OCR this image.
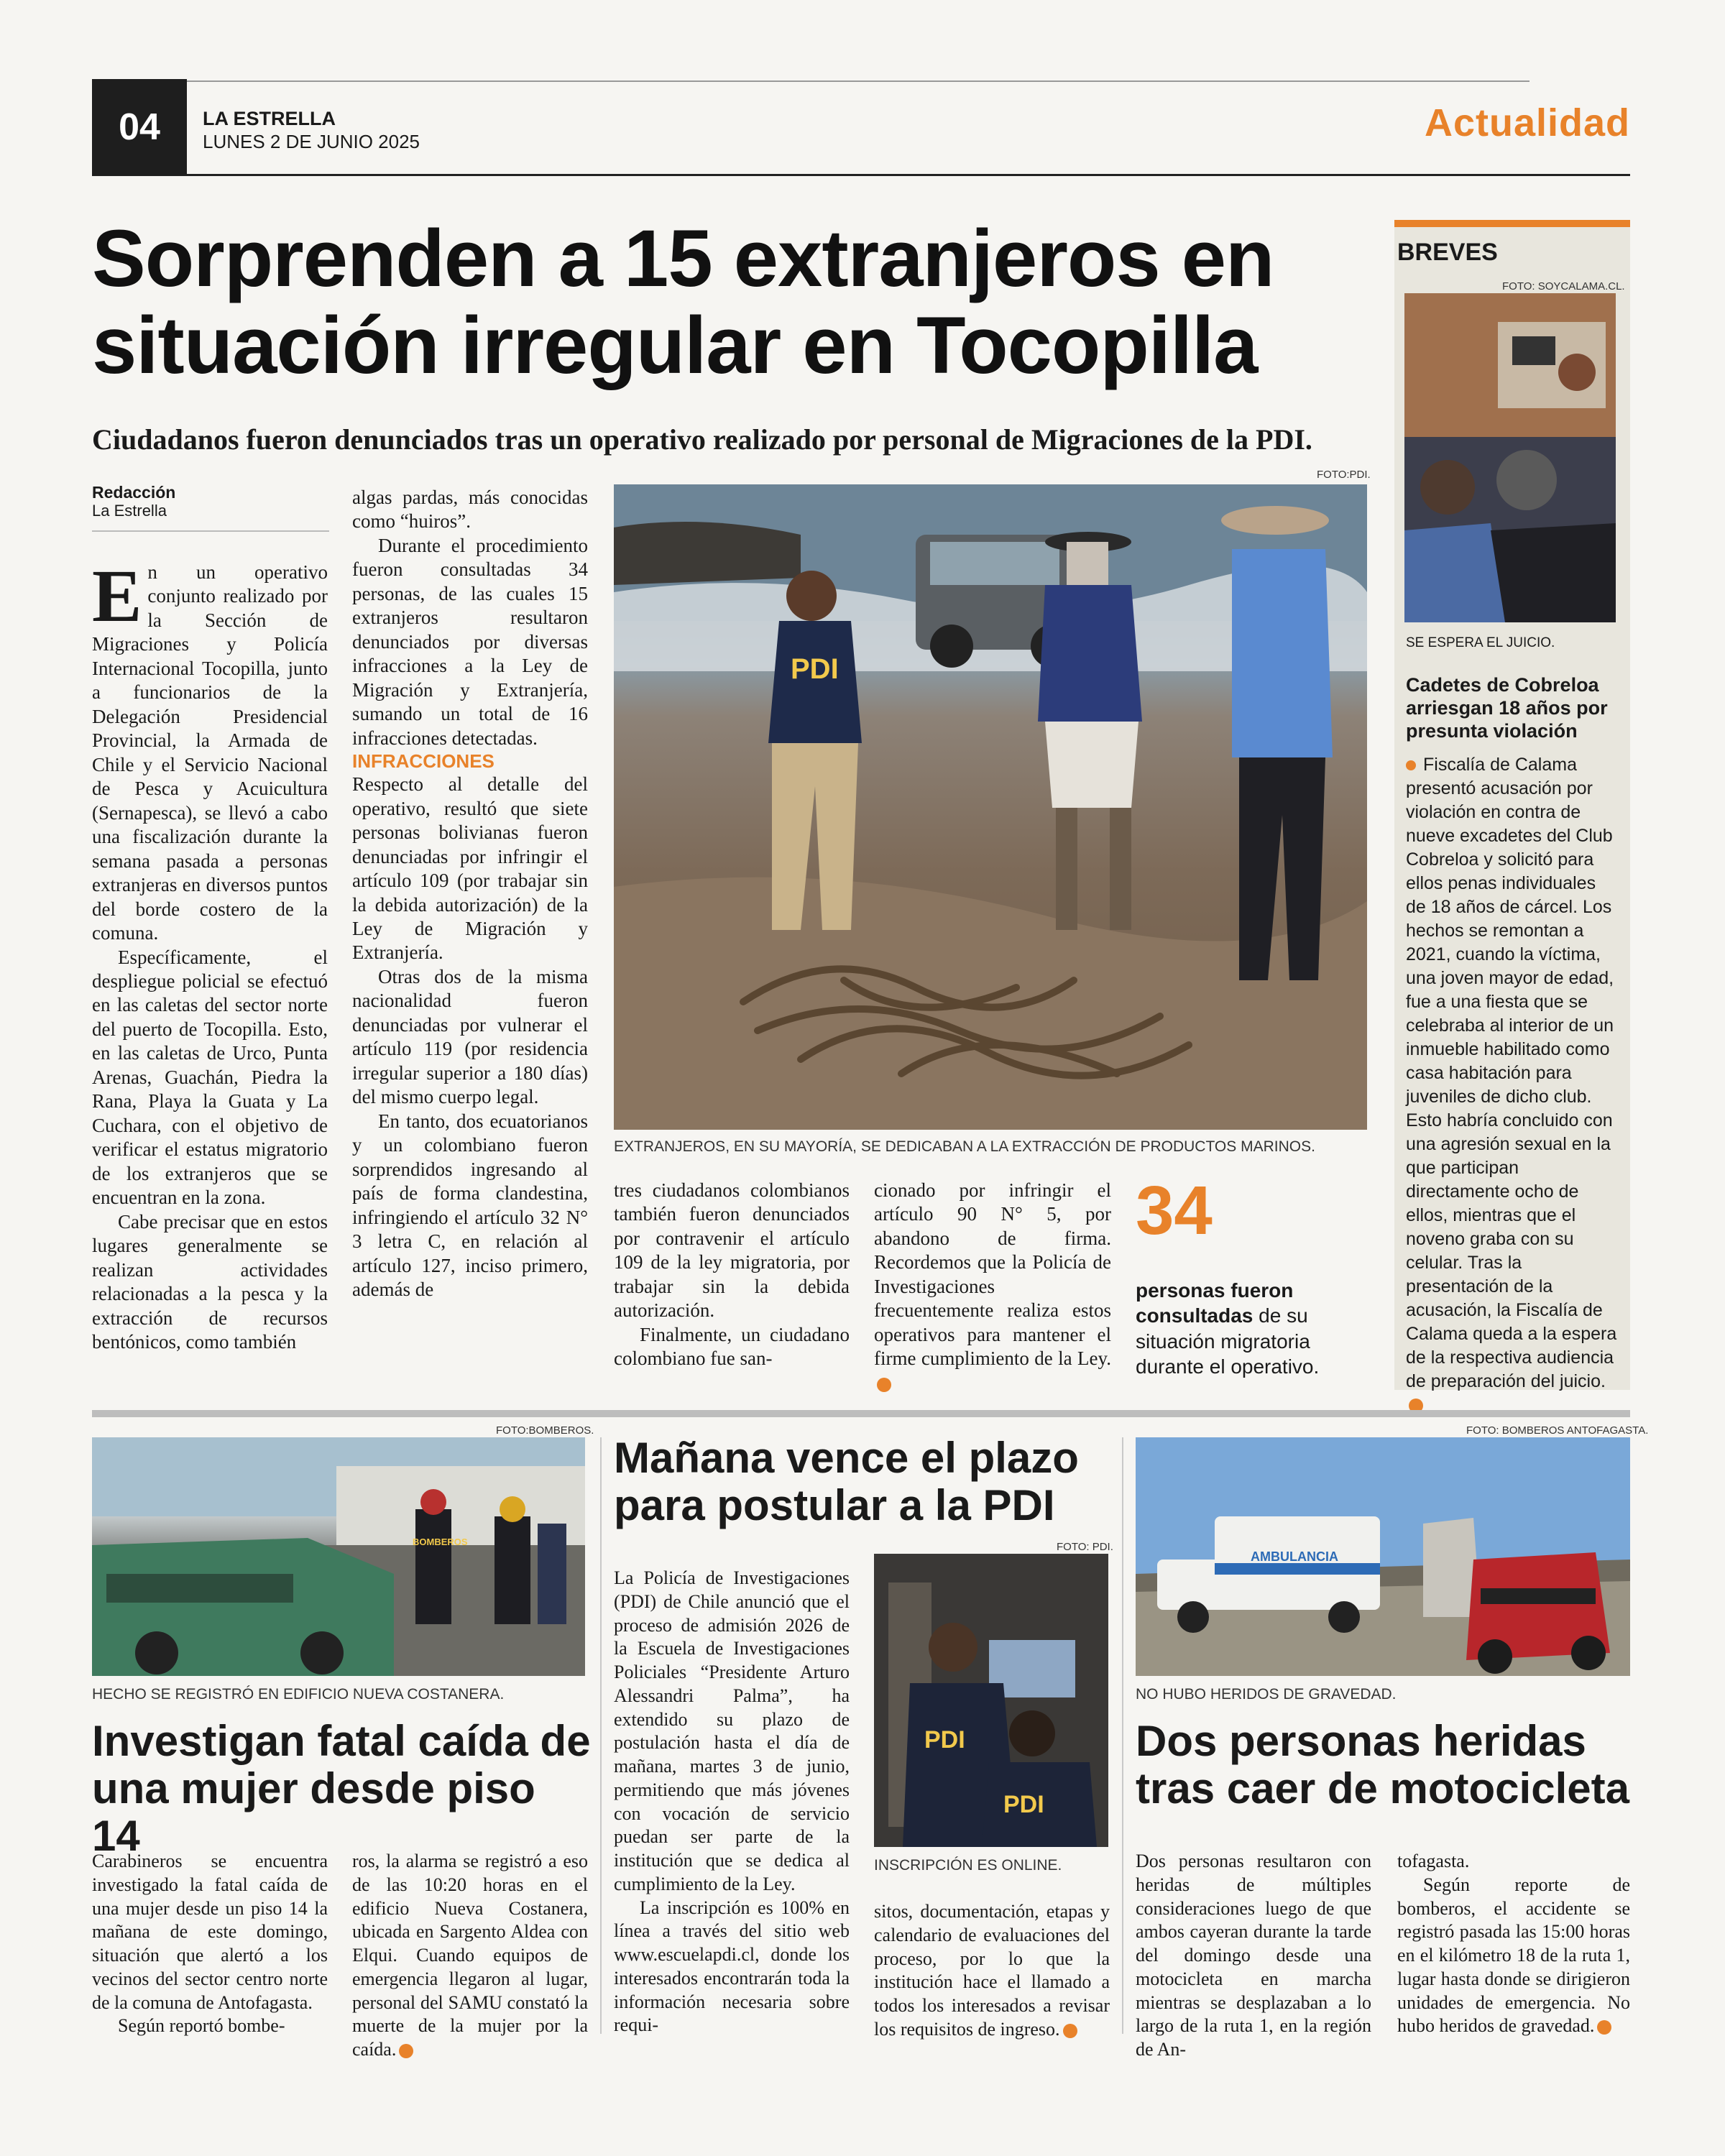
04	LA ESTRELLA
LUNES 2 DE JUNIO 2025	Actualidad
Sorprenden a 15 extranjeros en situación irregular en Tocopilla
Ciudadanos fueron denunciados tras un operativo realizado por personal de Migraciones de la PDI.
Redacción
La Estrella

En un operativo conjunto realizado por la Sección de Migraciones y Policía Internacional Tocopilla, junto a funcionarios de la Delegación Presidencial Provincial, la Armada de Chile y el Servicio Nacional de Pesca y Acuicultura (Sernapesca), se llevó a cabo una fiscalización durante la semana pasada a personas extranjeras en diversos puntos del borde costero de la comuna.

Específicamente, el despliegue policial se efectuó en las caletas del sector norte del puerto de Tocopilla. Esto, en las caletas de Urco, Punta Arenas, Guachán, Piedra la Rana, Playa la Guata y La Cuchara, con el objetivo de verificar el estatus migratorio de los extranjeros que se encuentran en la zona.

Cabe precisar que en estos lugares generalmente se realizan actividades relacionadas a la pesca y la extracción de recursos bentónicos, como también

algas pardas, más conocidas como “huiros”.

Durante el procedimiento fueron consultadas 34 personas, de las cuales 15 extranjeros resultaron denunciados por diversas infracciones a la Ley de Migración y Extranjería, sumando un total de 16 infracciones detectadas.

INFRACCIONES

Respecto al detalle del operativo, resultó que siete personas bolivianas fueron denunciadas por infringir el artículo 109 (por trabajar sin la debida autorización) de la Ley de Migración y Extranjería.

Otras dos de la misma nacionalidad fueron denunciadas por vulnerar el artículo 119 (por residencia irregular superior a 180 días) del mismo cuerpo legal.

En tanto, dos ecuatorianos y un colombiano fueron sorprendidos ingresando al país de forma clandestina, infringiendo el artículo 32 N° 3 letra C, en relación al artículo 127, inciso primero, además de

FOTO:PDI.
PDI
EXTRANJEROS, EN SU MAYORÍA, SE DEDICABAN A LA EXTRACCIÓN DE PRODUCTOS MARINOS.

tres ciudadanos colombianos también fueron denunciados por contravenir el artículo 109 de la ley migratoria, por trabajar sin la debida autorización.

Finalmente, un ciudadano colombiano fue san-

cionado por infringir el artículo 90 N° 5, por abandono de firma. Recordemos que la Policía de Investigaciones frecuentemente realiza estos operativos para mantener el firme cumplimiento de la Ley.

34
personas fueron consultadas de su situación migratoria durante el operativo.
BREVES
FOTO: SOYCALAMA.CL.
SE ESPERA EL JUICIO.
Cadetes de Cobreloa arriesgan 18 años por presunta violación
Fiscalía de Calama presentó acusación por violación en contra de nueve excadetes del Club Cobreloa y solicitó para ellos penas individuales de 18 años de cárcel. Los hechos se remontan a 2021, cuando la víctima, una joven mayor de edad, fue a una fiesta que se celebraba al interior de un inmueble habilitado como casa habitación para juveniles de dicho club. Esto habría concluido con una agresión sexual en la que participan directamente ocho de ellos, mientras que el noveno graba con su celular. Tras la presentación de la acusación, la Fiscalía de Calama queda a la espera de la respectiva audiencia de preparación del juicio.
FOTO:BOMBEROS.
BOMBEROS
HECHO SE REGISTRÓ EN EDIFICIO NUEVA COSTANERA.
Investigan fatal caída de una mujer desde piso 14

Carabineros se encuentra investigado la fatal caída de una mujer desde un piso 14 la mañana de este domingo, situación que alertó a los vecinos del sector centro norte de la comuna de Antofagasta.

Según reportó bombe-

ros, la alarma se registró a eso de las 10:20 horas en el edificio Nueva Costanera, ubicada en Sargento Aldea con Elqui. Cuando equipos de emergencia llegaron al lugar, personal del SAMU constató la muerte de la mujer por la caída.

Mañana vence el plazo para postular a la PDI

La Policía de Investigaciones (PDI) de Chile anunció que el proceso de admisión 2026 de la Escuela de Investigaciones Policiales “Presidente Arturo Alessandri Palma”, ha extendido su plazo de postulación hasta el día de mañana, martes 3 de junio, permitiendo que más jóvenes con vocación de servicio puedan ser parte de la institución que se dedica al cumplimiento de la Ley.

La inscripción es 100% en línea a través del sitio web www.escuelapdi.cl, donde los interesados encontrarán toda la información necesaria sobre requi-

FOTO: PDI.
PDI
PDI
INSCRIPCIÓN ES ONLINE.

sitos, documentación, etapas y calendario de evaluaciones del proceso, por lo que la institución hace el llamado a todos los interesados a revisar los requisitos de ingreso.

FOTO: BOMBEROS ANTOFAGASTA.
AMBULANCIA
NO HUBO HERIDOS DE GRAVEDAD.
Dos personas heridas tras caer de motocicleta

Dos personas resultaron con heridas de múltiples consideraciones luego de que ambos cayeran durante la tarde del domingo desde una motocicleta en marcha mientras se desplazaban a lo largo de la ruta 1, en la región de An-

tofagasta.

Según reporte de bomberos, el accidente se registró pasada las 15:00 horas en el kilómetro 18 de la ruta 1, lugar hasta donde se dirigieron unidades de emergencia. No hubo heridos de gravedad.
